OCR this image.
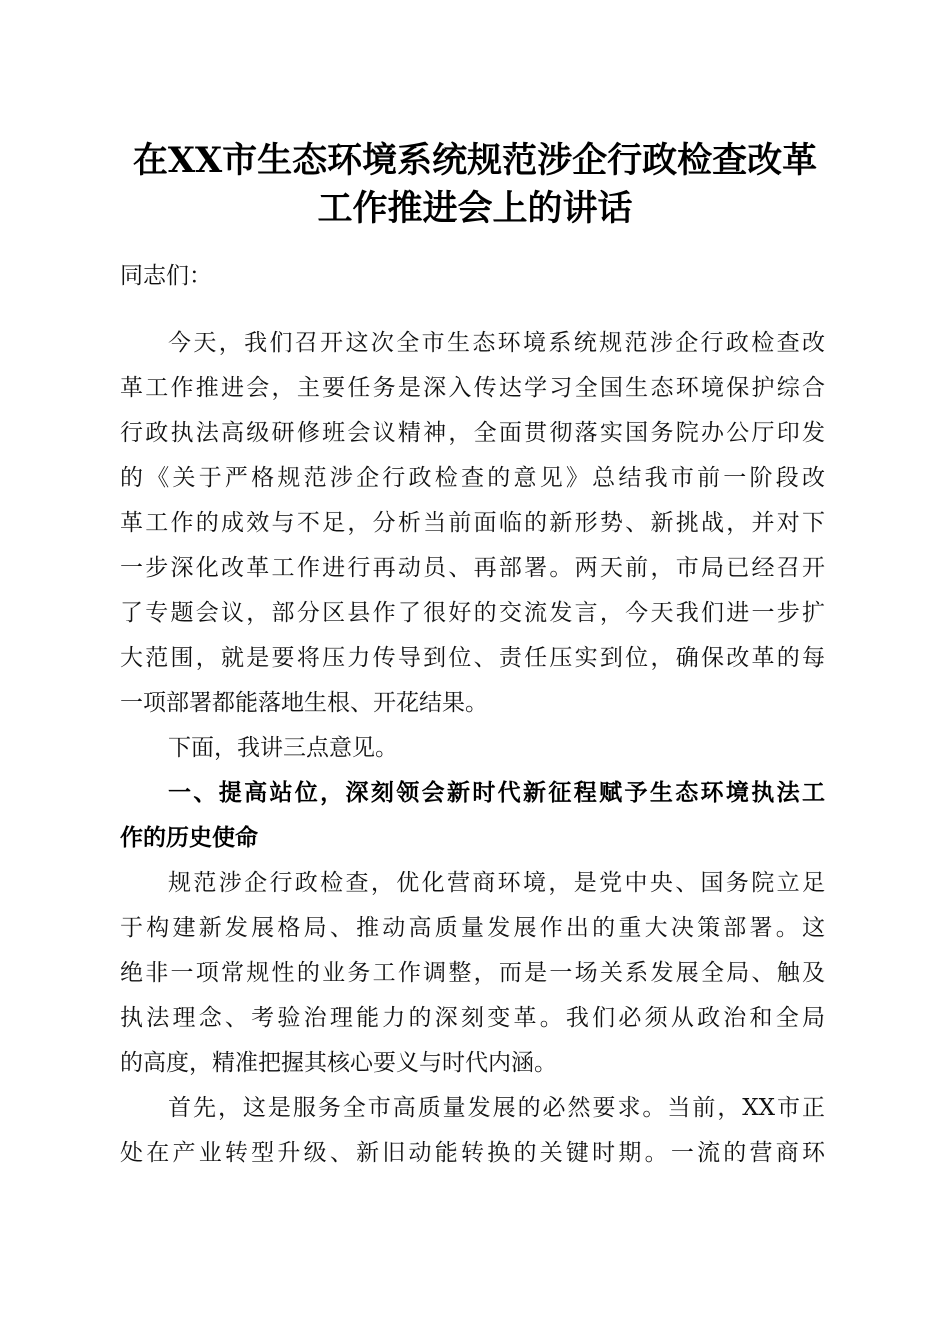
在XX市生态环境系统规范涉企行政检查改革
工作推进会上的讲话
同志们：
今天，我们召开这次全市生态环境系统规范涉企行政检查改
革工作推进会，主要任务是深入传达学习全国生态环境保护综合
行政执法高级研修班会议精神，全面贯彻落实国务院办公厅印发
的《关于严格规范涉企行政检查的意见》总结我市前一阶段改
革工作的成效与不足，分析当前面临的新形势、新挑战，并对下
一步深化改革工作进行再动员、再部署。两天前，市局已经召开
了专题会议，部分区县作了很好的交流发言，今天我们进一步扩
大范围，就是要将压力传导到位、责任压实到位，确保改革的每
一项部署都能落地生根、开花结果。
下面，我讲三点意见。
一、提高站位，深刻领会新时代新征程赋予生态环境执法工
作的历史使命
规范涉企行政检查，优化营商环境，是党中央、国务院立足
于构建新发展格局、推动高质量发展作出的重大决策部署。这
绝非一项常规性的业务工作调整，而是一场关系发展全局、触及
执法理念、考验治理能力的深刻变革。我们必须从政治和全局
的高度，精准把握其核心要义与时代内涵。
首先，这是服务全市高质量发展的必然要求。当前，XX市正
处在产业转型升级、新旧动能转换的关键时期。一流的营商环
